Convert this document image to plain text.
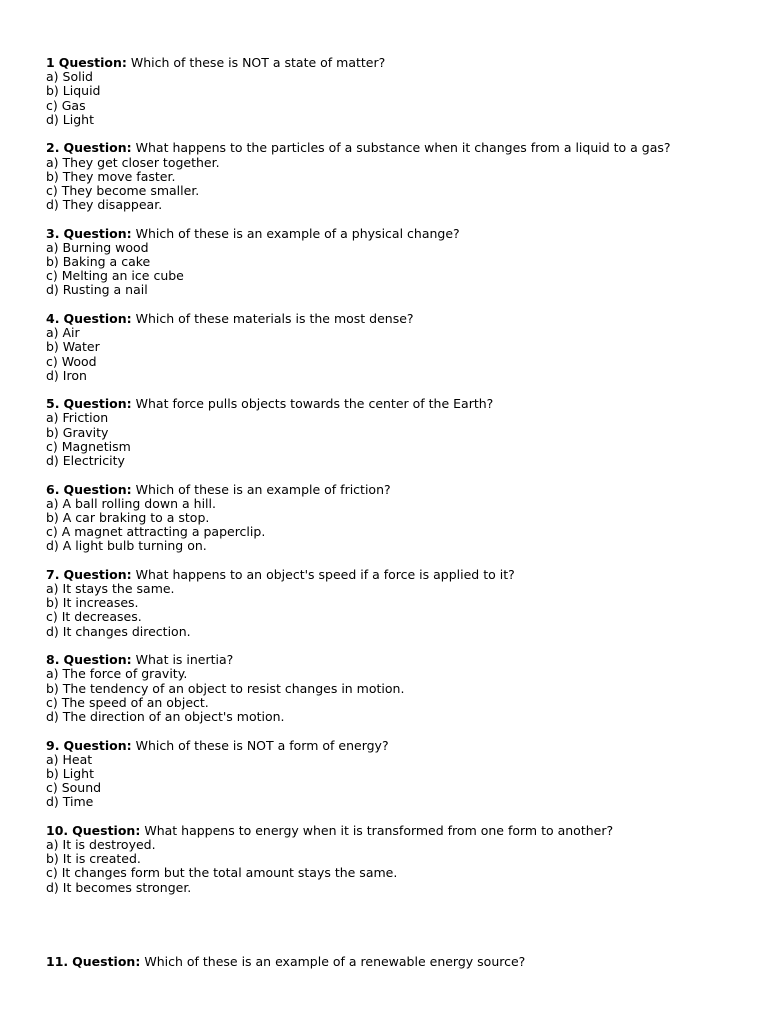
1 Question: Which of these is NOT a state of matter?
a) Solid
b) Liquid
c) Gas
d) Light
2. Question: What happens to the particles of a substance when it changes from a liquid to a gas?
a) They get closer together.
b) They move faster.
c) They become smaller.
d) They disappear.
3. Question: Which of these is an example of a physical change?
a) Burning wood
b) Baking a cake
c) Melting an ice cube
d) Rusting a nail
4. Question: Which of these materials is the most dense?
a) Air
b) Water
c) Wood
d) Iron
5. Question: What force pulls objects towards the center of the Earth?
a) Friction
b) Gravity
c) Magnetism
d) Electricity
6. Question: Which of these is an example of friction?
a) A ball rolling down a hill.
b) A car braking to a stop.
c) A magnet attracting a paperclip.
d) A light bulb turning on.
7. Question: What happens to an object's speed if a force is applied to it?
a) It stays the same.
b) It increases.
c) It decreases.
d) It changes direction.
8. Question: What is inertia?
a) The force of gravity.
b) The tendency of an object to resist changes in motion.
c) The speed of an object.
d) The direction of an object's motion.
9. Question: Which of these is NOT a form of energy?
a) Heat
b) Light
c) Sound
d) Time
10. Question: What happens to energy when it is transformed from one form to another?
a) It is destroyed.
b) It is created.
c) It changes form but the total amount stays the same.
d) It becomes stronger.
11. Question: Which of these is an example of a renewable energy source?
